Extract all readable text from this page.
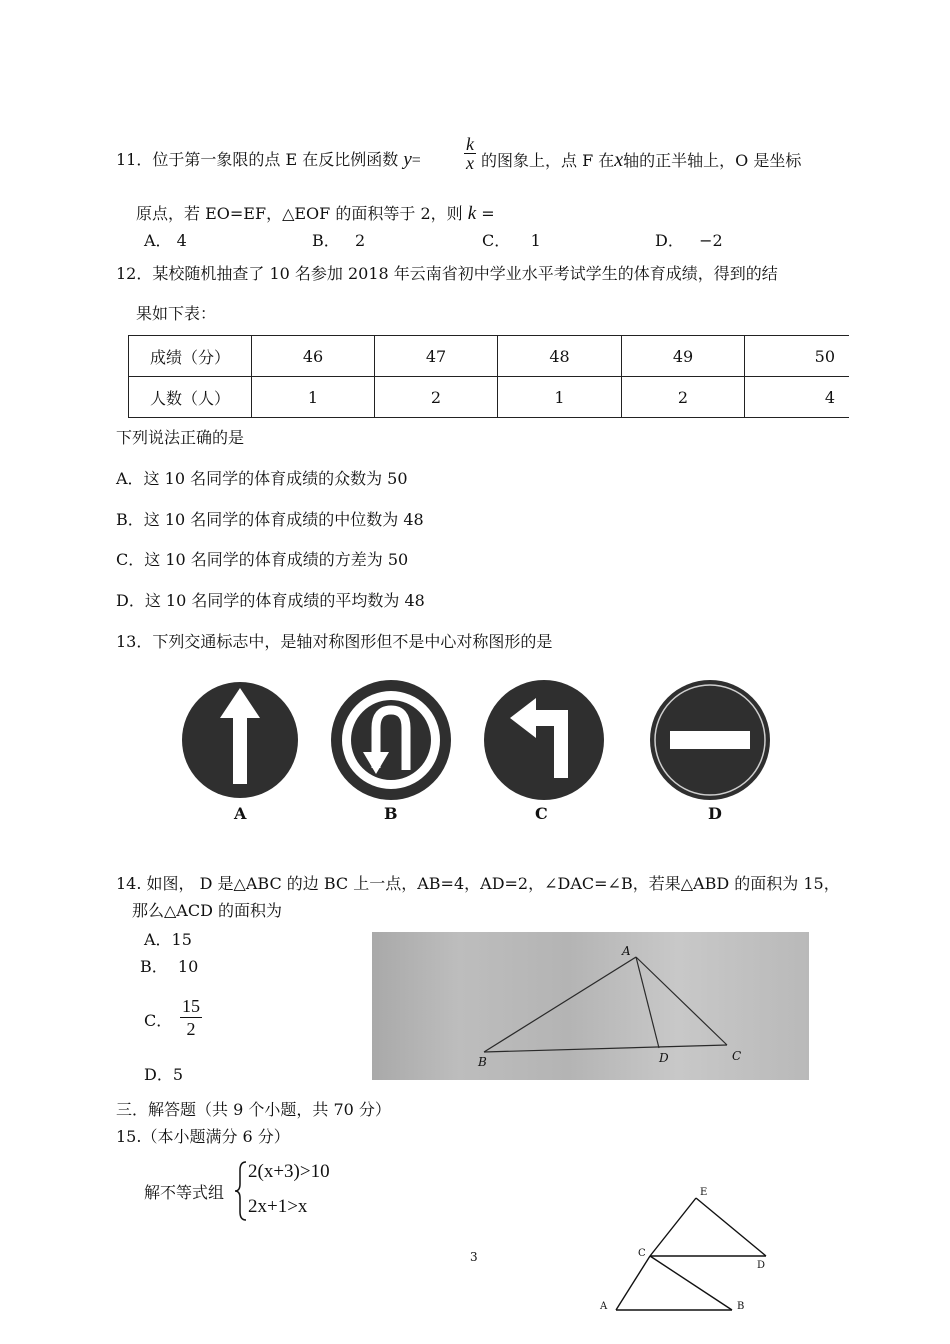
11．位于第一象限的点 E 在反比例函数 $y= \frac{k}{x}$ 的图象上，点 F 在x轴的正半轴上，O 是坐标
原点，若 EO=EF，△EOF 的面积等于 2，则 k =
A． 4	B．   2	C．    1	D．   −2
12．某校随机抽查了 10 名参加 2018 年云南省初中学业水平考试学生的体育成绩，得到的结
果如下表：
成绩（分）	46	47	48	49	50
人数（人）	1	2	1	2	4
下列说法正确的是
A．这 10 名同学的体育成绩的众数为 50
B．这 10 名同学的体育成绩的中位数为 48
C．这 10 名同学的体育成绩的方差为 50
D．这 10 名同学的体育成绩的平均数为 48
13．下列交通标志中，是轴对称图形但不是中心对称图形的是
A	B	C	D
14. 如图， D 是△ABC 的边 BC 上一点，AB=4，AD=2，∠DAC=∠B，若果△ABD 的面积为 15，
那么△ACD 的面积为
A．15
B．  10
C． $\frac{15}{2}$
D．5
A
B	D	C
三．解答题（共 9 个小题，共 70 分）
15.（本小题满分 6 分）
解不等式组
2(x+3)>10
2x+1>x
E
C
D
A	B
3
